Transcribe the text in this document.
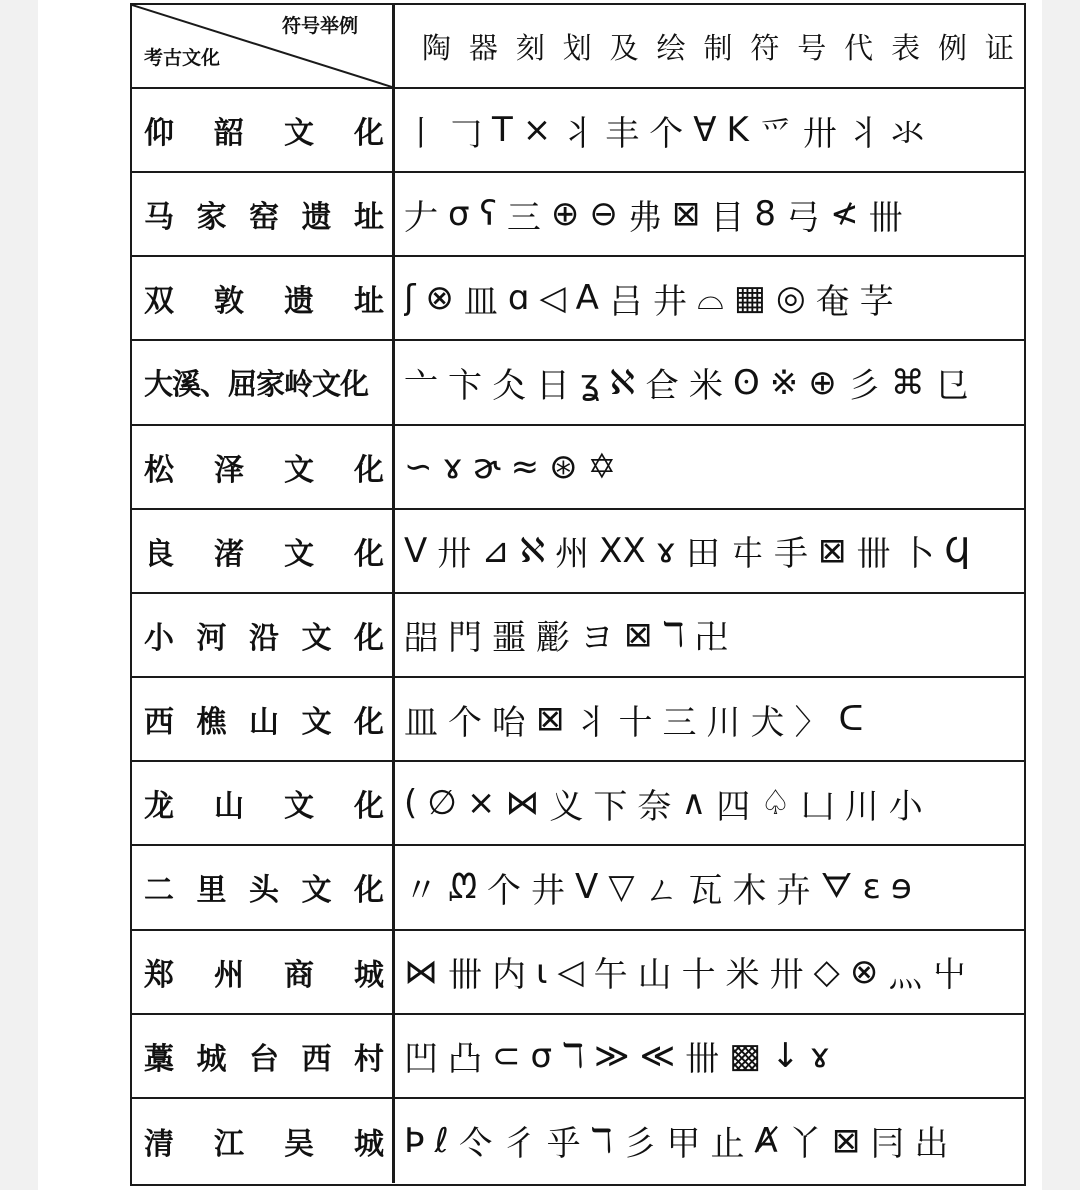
符号举例
考古文化	陶 器 刻 划 及 绘 制 符 号 代 表 例 证
仰 韶 文 化 丨 𠃌 T × ⺦ 丰 个 ∀ K 爫 卅 ⺦ 氺
马 家 窑 遗 址 𠂇 σ ʕ 三 ⊕ ⊖ 弗 ⊠ 目 8 弓 ≮ 卌
双 敦 遗 址 ʃ ⊗ 皿 ɑ ◁ A 吕 井 ⌓ ▦ ◎ 奄 芓
大溪、屈家岭文化	亠 卞 仌 日 ʓ ℵ 仺 米 ʘ ※ ⊕ 彡 ⌘ 㔾
松 泽 文 化 ∽ ɤ ɚ ≈ ⊛ ✡
良 渚 文 化 V 卅 ⊿ ℵ 州 XX ɤ 田 㐄 手 ⊠ 卌 卜 Ϥ
小 河 沿 文 化 㗊 門 噩 彲 ヨ ⊠ ℸ 卍
西 樵 山 文 化 皿 个 咍 ⊠ 丬 十 三 川 犬 〉 ᑕ
龙 山 文 化 ( ∅ × ⋈ 义 下 奈 ∧ 四 ♤ 凵 川 小
二 里 头 文 化 〃 ᘻ 个 井 ᐯ ▽ ㄥ 瓦 木 卉 ᗊ ε ɘ
郑 州 商 城 ⋈ 卌 内 ɩ ◁ 午 山 十 米 卅 ◇ ⊗ 灬 屮
藁 城 台 西 村 凹 凸 ⊂ σ ℸ ≫ ≪ 卌 ▩ ↓ ɤ
清 江 吴 城 Þ ℓ 仒 彳 乎 ℸ 彡 甲 止 Ⱥ 丫 ⊠ 冃 出
